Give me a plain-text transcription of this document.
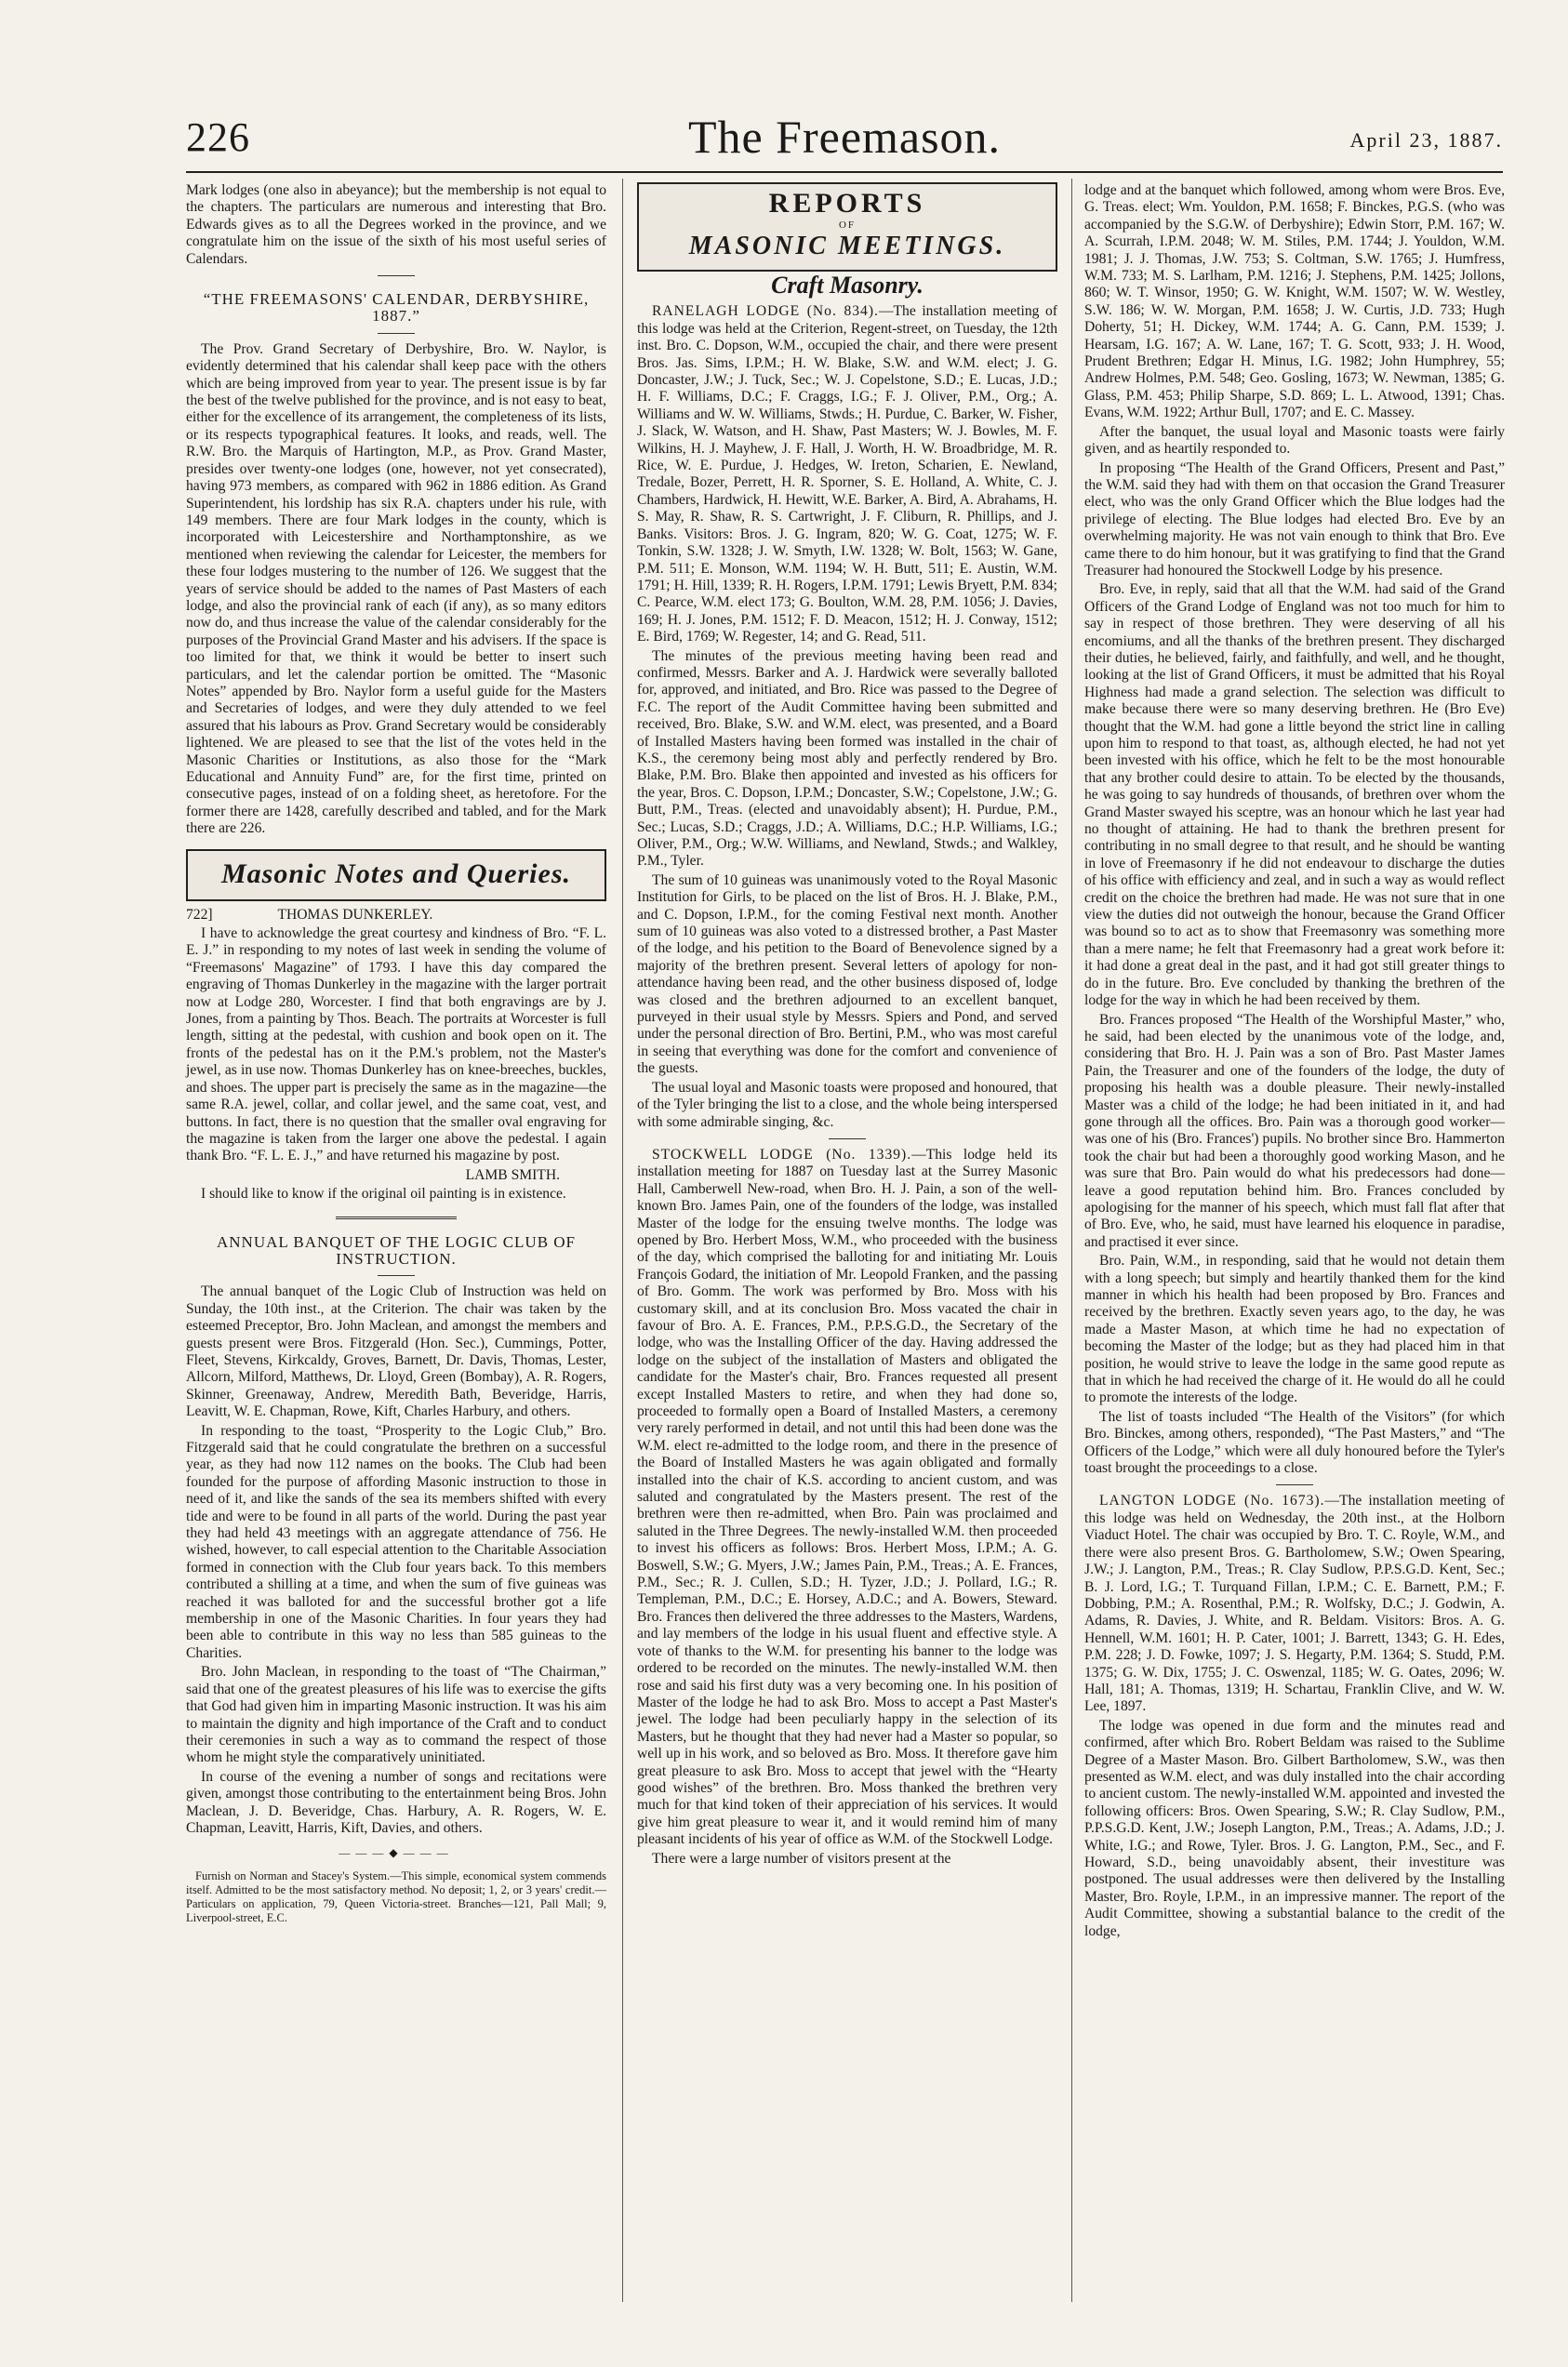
226	The Freemason.	April 23, 1887.

Mark lodges (one also in abeyance); but the membership is not equal to the chapters. The particulars are numerous and interesting that Bro. Edwards gives as to all the Degrees worked in the province, and we congratulate him on the issue of the sixth of his most useful series of Calendars.

“THE FREEMASONS' CALENDAR, DERBYSHIRE, 1887.”

The Prov. Grand Secretary of Derbyshire, Bro. W. Naylor, is evidently determined that his calendar shall keep pace with the others which are being improved from year to year. The present issue is by far the best of the twelve published for the province, and is not easy to beat, either for the excellence of its arrangement, the completeness of its lists, or its respects typographical features. It looks, and reads, well. The R.W. Bro. the Marquis of Hartington, M.P., as Prov. Grand Master, presides over twenty-one lodges (one, however, not yet consecrated), having 973 members, as compared with 962 in 1886 edition. As Grand Superintendent, his lordship has six R.A. chapters under his rule, with 149 members. There are four Mark lodges in the county, which is incorporated with Leicestershire and Northamptonshire, as we mentioned when reviewing the calendar for Leicester, the members for these four lodges mustering to the number of 126. We suggest that the years of service should be added to the names of Past Masters of each lodge, and also the provincial rank of each (if any), as so many editors now do, and thus increase the value of the calendar considerably for the purposes of the Provincial Grand Master and his advisers. If the space is too limited for that, we think it would be better to insert such particulars, and let the calendar portion be omitted. The “Masonic Notes” appended by Bro. Naylor form a useful guide for the Masters and Secretaries of lodges, and were they duly attended to we feel assured that his labours as Prov. Grand Secretary would be considerably lightened. We are pleased to see that the list of the votes held in the Masonic Charities or Institutions, as also those for the “Mark Educational and Annuity Fund” are, for the first time, printed on consecutive pages, instead of on a folding sheet, as heretofore. For the former there are 1428, carefully described and tabled, and for the Mark there are 226.

Masonic Notes and Queries.

722]	THOMAS DUNKERLEY.

I have to acknowledge the great courtesy and kindness of Bro. “F. L. E. J.” in responding to my notes of last week in sending the volume of “Freemasons' Magazine” of 1793. I have this day compared the engraving of Thomas Dunkerley in the magazine with the larger portrait now at Lodge 280, Worcester. I find that both engravings are by J. Jones, from a painting by Thos. Beach. The portraits at Worcester is full length, sitting at the pedestal, with cushion and book open on it. The fronts of the pedestal has on it the P.M.'s problem, not the Master's jewel, as in use now. Thomas Dunkerley has on knee-breeches, buckles, and shoes. The upper part is precisely the same as in the magazine—the same R.A. jewel, collar, and collar jewel, and the same coat, vest, and buttons. In fact, there is no question that the smaller oval engraving for the magazine is taken from the larger one above the pedestal. I again thank Bro. “F. L. E. J.,” and have returned his magazine by post.

LAMB SMITH.

I should like to know if the original oil painting is in existence.

ANNUAL BANQUET OF THE LOGIC CLUB OF INSTRUCTION.

The annual banquet of the Logic Club of Instruction was held on Sunday, the 10th inst., at the Criterion. The chair was taken by the esteemed Preceptor, Bro. John Maclean, and amongst the members and guests present were Bros. Fitzgerald (Hon. Sec.), Cummings, Potter, Fleet, Stevens, Kirkcaldy, Groves, Barnett, Dr. Davis, Thomas, Lester, Allcorn, Milford, Matthews, Dr. Lloyd, Green (Bombay), A. R. Rogers, Skinner, Greenaway, Andrew, Meredith Bath, Beveridge, Harris, Leavitt, W. E. Chapman, Rowe, Kift, Charles Harbury, and others.

In responding to the toast, “Prosperity to the Logic Club,” Bro. Fitzgerald said that he could congratulate the brethren on a successful year, as they had now 112 names on the books. The Club had been founded for the purpose of affording Masonic instruction to those in need of it, and like the sands of the sea its members shifted with every tide and were to be found in all parts of the world. During the past year they had held 43 meetings with an aggregate attendance of 756. He wished, however, to call especial attention to the Charitable Association formed in connection with the Club four years back. To this members contributed a shilling at a time, and when the sum of five guineas was reached it was balloted for and the successful brother got a life membership in one of the Masonic Charities. In four years they had been able to contribute in this way no less than 585 guineas to the Charities.

Bro. John Maclean, in responding to the toast of “The Chairman,” said that one of the greatest pleasures of his life was to exercise the gifts that God had given him in imparting Masonic instruction. It was his aim to maintain the dignity and high importance of the Craft and to conduct their ceremonies in such a way as to command the respect of those whom he might style the comparatively uninitiated.

In course of the evening a number of songs and recitations were given, amongst those contributing to the entertainment being Bros. John Maclean, J. D. Beveridge, Chas. Harbury, A. R. Rogers, W. E. Chapman, Leavitt, Harris, Kift, Davies, and others.

———◆———

Furnish on Norman and Stacey's System.—This simple, economical system commends itself. Admitted to be the most satisfactory method. No deposit; 1, 2, or 3 years' credit.—Particulars on application, 79, Queen Victoria-street. Branches—121, Pall Mall; 9, Liverpool-street, E.C.

REPORTS
OF
MASONIC MEETINGS.
Craft Masonry.

RANELAGH LODGE (No. 834).—The installation meeting of this lodge was held at the Criterion, Regent-street, on Tuesday, the 12th inst. Bro. C. Dopson, W.M., occupied the chair, and there were present Bros. Jas. Sims, I.P.M.; H. W. Blake, S.W. and W.M. elect; J. G. Doncaster, J.W.; J. Tuck, Sec.; W. J. Copelstone, S.D.; E. Lucas, J.D.; H. F. Williams, D.C.; F. Craggs, I.G.; F. J. Oliver, P.M., Org.; A. Williams and W. W. Williams, Stwds.; H. Purdue, C. Barker, W. Fisher, J. Slack, W. Watson, and H. Shaw, Past Masters; W. J. Bowles, M. F. Wilkins, H. J. Mayhew, J. F. Hall, J. Worth, H. W. Broadbridge, M. R. Rice, W. E. Purdue, J. Hedges, W. Ireton, Scharien, E. Newland, Tredale, Bozer, Perrett, H. R. Sporner, S. E. Holland, A. White, C. J. Chambers, Hardwick, H. Hewitt, W.E. Barker, A. Bird, A. Abrahams, H. S. May, R. Shaw, R. S. Cartwright, J. F. Cliburn, R. Phillips, and J. Banks. Visitors: Bros. J. G. Ingram, 820; W. G. Coat, 1275; W. F. Tonkin, S.W. 1328; J. W. Smyth, I.W. 1328; W. Bolt, 1563; W. Gane, P.M. 511; E. Monson, W.M. 1194; W. H. Butt, 511; E. Austin, W.M. 1791; H. Hill, 1339; R. H. Rogers, I.P.M. 1791; Lewis Bryett, P.M. 834; C. Pearce, W.M. elect 173; G. Boulton, W.M. 28, P.M. 1056; J. Davies, 169; H. J. Jones, P.M. 1512; F. D. Meacon, 1512; H. J. Conway, 1512; E. Bird, 1769; W. Regester, 14; and G. Read, 511.

The minutes of the previous meeting having been read and confirmed, Messrs. Barker and A. J. Hardwick were severally balloted for, approved, and initiated, and Bro. Rice was passed to the Degree of F.C. The report of the Audit Committee having been submitted and received, Bro. Blake, S.W. and W.M. elect, was presented, and a Board of Installed Masters having been formed was installed in the chair of K.S., the ceremony being most ably and perfectly rendered by Bro. Blake, P.M. Bro. Blake then appointed and invested as his officers for the year, Bros. C. Dopson, I.P.M.; Doncaster, S.W.; Copelstone, J.W.; G. Butt, P.M., Treas. (elected and unavoidably absent); H. Purdue, P.M., Sec.; Lucas, S.D.; Craggs, J.D.; A. Williams, D.C.; H.P. Williams, I.G.; Oliver, P.M., Org.; W.W. Williams, and Newland, Stwds.; and Walkley, P.M., Tyler.

The sum of 10 guineas was unanimously voted to the Royal Masonic Institution for Girls, to be placed on the list of Bros. H. J. Blake, P.M., and C. Dopson, I.P.M., for the coming Festival next month. Another sum of 10 guineas was also voted to a distressed brother, a Past Master of the lodge, and his petition to the Board of Benevolence signed by a majority of the brethren present. Several letters of apology for non-attendance having been read, and the other business disposed of, lodge was closed and the brethren adjourned to an excellent banquet, purveyed in their usual style by Messrs. Spiers and Pond, and served under the personal direction of Bro. Bertini, P.M., who was most careful in seeing that everything was done for the comfort and convenience of the guests.

The usual loyal and Masonic toasts were proposed and honoured, that of the Tyler bringing the list to a close, and the whole being interspersed with some admirable singing, &c.

STOCKWELL LODGE (No. 1339).—This lodge held its installation meeting for 1887 on Tuesday last at the Surrey Masonic Hall, Camberwell New-road, when Bro. H. J. Pain, a son of the well-known Bro. James Pain, one of the founders of the lodge, was installed Master of the lodge for the ensuing twelve months. The lodge was opened by Bro. Herbert Moss, W.M., who proceeded with the business of the day, which comprised the balloting for and initiating Mr. Louis François Godard, the initiation of Mr. Leopold Franken, and the passing of Bro. Gomm. The work was performed by Bro. Moss with his customary skill, and at its conclusion Bro. Moss vacated the chair in favour of Bro. A. E. Frances, P.M., P.P.S.G.D., the Secretary of the lodge, who was the Installing Officer of the day. Having addressed the lodge on the subject of the installation of Masters and obligated the candidate for the Master's chair, Bro. Frances requested all present except Installed Masters to retire, and when they had done so, proceeded to formally open a Board of Installed Masters, a ceremony very rarely performed in detail, and not until this had been done was the W.M. elect re-admitted to the lodge room, and there in the presence of the Board of Installed Masters he was again obligated and formally installed into the chair of K.S. according to ancient custom, and was saluted and congratulated by the Masters present. The rest of the brethren were then re-admitted, when Bro. Pain was proclaimed and saluted in the Three Degrees. The newly-installed W.M. then proceeded to invest his officers as follows: Bros. Herbert Moss, I.P.M.; A. G. Boswell, S.W.; G. Myers, J.W.; James Pain, P.M., Treas.; A. E. Frances, P.M., Sec.; R. J. Cullen, S.D.; H. Tyzer, J.D.; J. Pollard, I.G.; R. Templeman, P.M., D.C.; E. Horsey, A.D.C.; and A. Bowers, Steward. Bro. Frances then delivered the three addresses to the Masters, Wardens, and lay members of the lodge in his usual fluent and effective style. A vote of thanks to the W.M. for presenting his banner to the lodge was ordered to be recorded on the minutes. The newly-installed W.M. then rose and said his first duty was a very becoming one. In his position of Master of the lodge he had to ask Bro. Moss to accept a Past Master's jewel. The lodge had been peculiarly happy in the selection of its Masters, but he thought that they had never had a Master so popular, so well up in his work, and so beloved as Bro. Moss. It therefore gave him great pleasure to ask Bro. Moss to accept that jewel with the “Hearty good wishes” of the brethren. Bro. Moss thanked the brethren very much for that kind token of their appreciation of his services. It would give him great pleasure to wear it, and it would remind him of many pleasant incidents of his year of office as W.M. of the Stockwell Lodge.

There were a large number of visitors present at the

lodge and at the banquet which followed, among whom were Bros. Eve, G. Treas. elect; Wm. Youldon, P.M. 1658; F. Binckes, P.G.S. (who was accompanied by the S.G.W. of Derbyshire); Edwin Storr, P.M. 167; W. A. Scurrah, I.P.M. 2048; W. M. Stiles, P.M. 1744; J. Youldon, W.M. 1981; J. J. Thomas, J.W. 753; S. Coltman, S.W. 1765; J. Humfress, W.M. 733; M. S. Larlham, P.M. 1216; J. Stephens, P.M. 1425; Jollons, 860; W. T. Winsor, 1950; G. W. Knight, W.M. 1507; W. W. Westley, S.W. 186; W. W. Morgan, P.M. 1658; J. W. Curtis, J.D. 733; Hugh Doherty, 51; H. Dickey, W.M. 1744; A. G. Cann, P.M. 1539; J. Hearsam, I.G. 167; A. W. Lane, 167; T. G. Scott, 933; J. H. Wood, Prudent Brethren; Edgar H. Minus, I.G. 1982; John Humphrey, 55; Andrew Holmes, P.M. 548; Geo. Gosling, 1673; W. Newman, 1385; G. Glass, P.M. 453; Philip Sharpe, S.D. 869; L. L. Atwood, 1391; Chas. Evans, W.M. 1922; Arthur Bull, 1707; and E. C. Massey.

After the banquet, the usual loyal and Masonic toasts were fairly given, and as heartily responded to.

In proposing “The Health of the Grand Officers, Present and Past,” the W.M. said they had with them on that occasion the Grand Treasurer elect, who was the only Grand Officer which the Blue lodges had the privilege of electing. The Blue lodges had elected Bro. Eve by an overwhelming majority. He was not vain enough to think that Bro. Eve came there to do him honour, but it was gratifying to find that the Grand Treasurer had honoured the Stockwell Lodge by his presence.

Bro. Eve, in reply, said that all that the W.M. had said of the Grand Officers of the Grand Lodge of England was not too much for him to say in respect of those brethren. They were deserving of all his encomiums, and all the thanks of the brethren present. They discharged their duties, he believed, fairly, and faithfully, and well, and he thought, looking at the list of Grand Officers, it must be admitted that his Royal Highness had made a grand selection. The selection was difficult to make because there were so many deserving brethren. He (Bro Eve) thought that the W.M. had gone a little beyond the strict line in calling upon him to respond to that toast, as, although elected, he had not yet been invested with his office, which he felt to be the most honourable that any brother could desire to attain. To be elected by the thousands, he was going to say hundreds of thousands, of brethren over whom the Grand Master swayed his sceptre, was an honour which he last year had no thought of attaining. He had to thank the brethren present for contributing in no small degree to that result, and he should be wanting in love of Freemasonry if he did not endeavour to discharge the duties of his office with efficiency and zeal, and in such a way as would reflect credit on the choice the brethren had made. He was not sure that in one view the duties did not outweigh the honour, because the Grand Officer was bound so to act as to show that Freemasonry was something more than a mere name; he felt that Freemasonry had a great work before it: it had done a great deal in the past, and it had got still greater things to do in the future. Bro. Eve concluded by thanking the brethren of the lodge for the way in which he had been received by them.

Bro. Frances proposed “The Health of the Worshipful Master,” who, he said, had been elected by the unanimous vote of the lodge, and, considering that Bro. H. J. Pain was a son of Bro. Past Master James Pain, the Treasurer and one of the founders of the lodge, the duty of proposing his health was a double pleasure. Their newly-installed Master was a child of the lodge; he had been initiated in it, and had gone through all the offices. Bro. Pain was a thorough good worker—was one of his (Bro. Frances') pupils. No brother since Bro. Hammerton took the chair but had been a thoroughly good working Mason, and he was sure that Bro. Pain would do what his predecessors had done—leave a good reputation behind him. Bro. Frances concluded by apologising for the manner of his speech, which must fall flat after that of Bro. Eve, who, he said, must have learned his eloquence in paradise, and practised it ever since.

Bro. Pain, W.M., in responding, said that he would not detain them with a long speech; but simply and heartily thanked them for the kind manner in which his health had been proposed by Bro. Frances and received by the brethren. Exactly seven years ago, to the day, he was made a Master Mason, at which time he had no expectation of becoming the Master of the lodge; but as they had placed him in that position, he would strive to leave the lodge in the same good repute as that in which he had received the charge of it. He would do all he could to promote the interests of the lodge.

The list of toasts included “The Health of the Visitors” (for which Bro. Binckes, among others, responded), “The Past Masters,” and “The Officers of the Lodge,” which were all duly honoured before the Tyler's toast brought the proceedings to a close.

LANGTON LODGE (No. 1673).—The installation meeting of this lodge was held on Wednesday, the 20th inst., at the Holborn Viaduct Hotel. The chair was occupied by Bro. T. C. Royle, W.M., and there were also present Bros. G. Bartholomew, S.W.; Owen Spearing, J.W.; J. Langton, P.M., Treas.; R. Clay Sudlow, P.P.S.G.D. Kent, Sec.; B. J. Lord, I.G.; T. Turquand Fillan, I.P.M.; C. E. Barnett, P.M.; F. Dobbing, P.M.; A. Rosenthal, P.M.; R. Wolfsky, D.C.; J. Godwin, A. Adams, R. Davies, J. White, and R. Beldam. Visitors: Bros. A. G. Hennell, W.M. 1601; H. P. Cater, 1001; J. Barrett, 1343; G. H. Edes, P.M. 228; J. D. Fowke, 1097; J. S. Hegarty, P.M. 1364; S. Studd, P.M. 1375; G. W. Dix, 1755; J. C. Oswenzal, 1185; W. G. Oates, 2096; W. Hall, 181; A. Thomas, 1319; H. Schartau, Franklin Clive, and W. W. Lee, 1897.

The lodge was opened in due form and the minutes read and confirmed, after which Bro. Robert Beldam was raised to the Sublime Degree of a Master Mason. Bro. Gilbert Bartholomew, S.W., was then presented as W.M. elect, and was duly installed into the chair according to ancient custom. The newly-installed W.M. appointed and invested the following officers: Bros. Owen Spearing, S.W.; R. Clay Sudlow, P.M., P.P.S.G.D. Kent, J.W.; Joseph Langton, P.M., Treas.; A. Adams, J.D.; J. White, I.G.; and Rowe, Tyler. Bros. J. G. Langton, P.M., Sec., and F. Howard, S.D., being unavoidably absent, their investiture was postponed. The usual addresses were then delivered by the Installing Master, Bro. Royle, I.P.M., in an impressive manner. The report of the Audit Committee, showing a substantial balance to the credit of the lodge,
